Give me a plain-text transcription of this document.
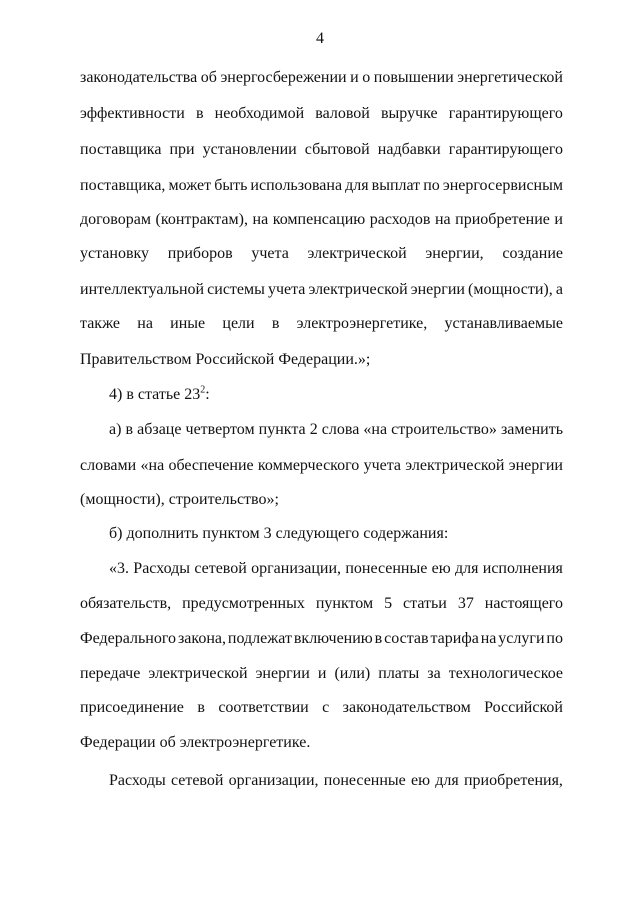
4
законодательства об энергосбережении и о повышении энергетической
эффективности в необходимой валовой выручке гарантирующего
поставщика при установлении сбытовой надбавки гарантирующего
поставщика, может быть использована для выплат по энергосервисным
договорам (контрактам), на компенсацию расходов на приобретение и
установку приборов учета электрической энергии, создание
интеллектуальной системы учета электрической энергии (мощности), а
также на иные цели в электроэнергетике, устанавливаемые
Правительством Российской Федерации.»;
4) в статье $23^2$:
а) в абзаце четвертом пункта 2 слова «на строительство» заменить
словами «на обеспечение коммерческого учета электрической энергии
(мощности), строительство»;
б) дополнить пунктом 3 следующего содержания:
«3. Расходы сетевой организации, понесенные ею для исполнения
обязательств, предусмотренных пунктом 5 статьи 37 настоящего
Федерального закона, подлежат включению в состав тарифа на услуги по
передаче электрической энергии и (или) платы за технологическое
присоединение в соответствии с законодательством Российской
Федерации об электроэнергетике.
Расходы сетевой организации, понесенные ею для приобретения,
